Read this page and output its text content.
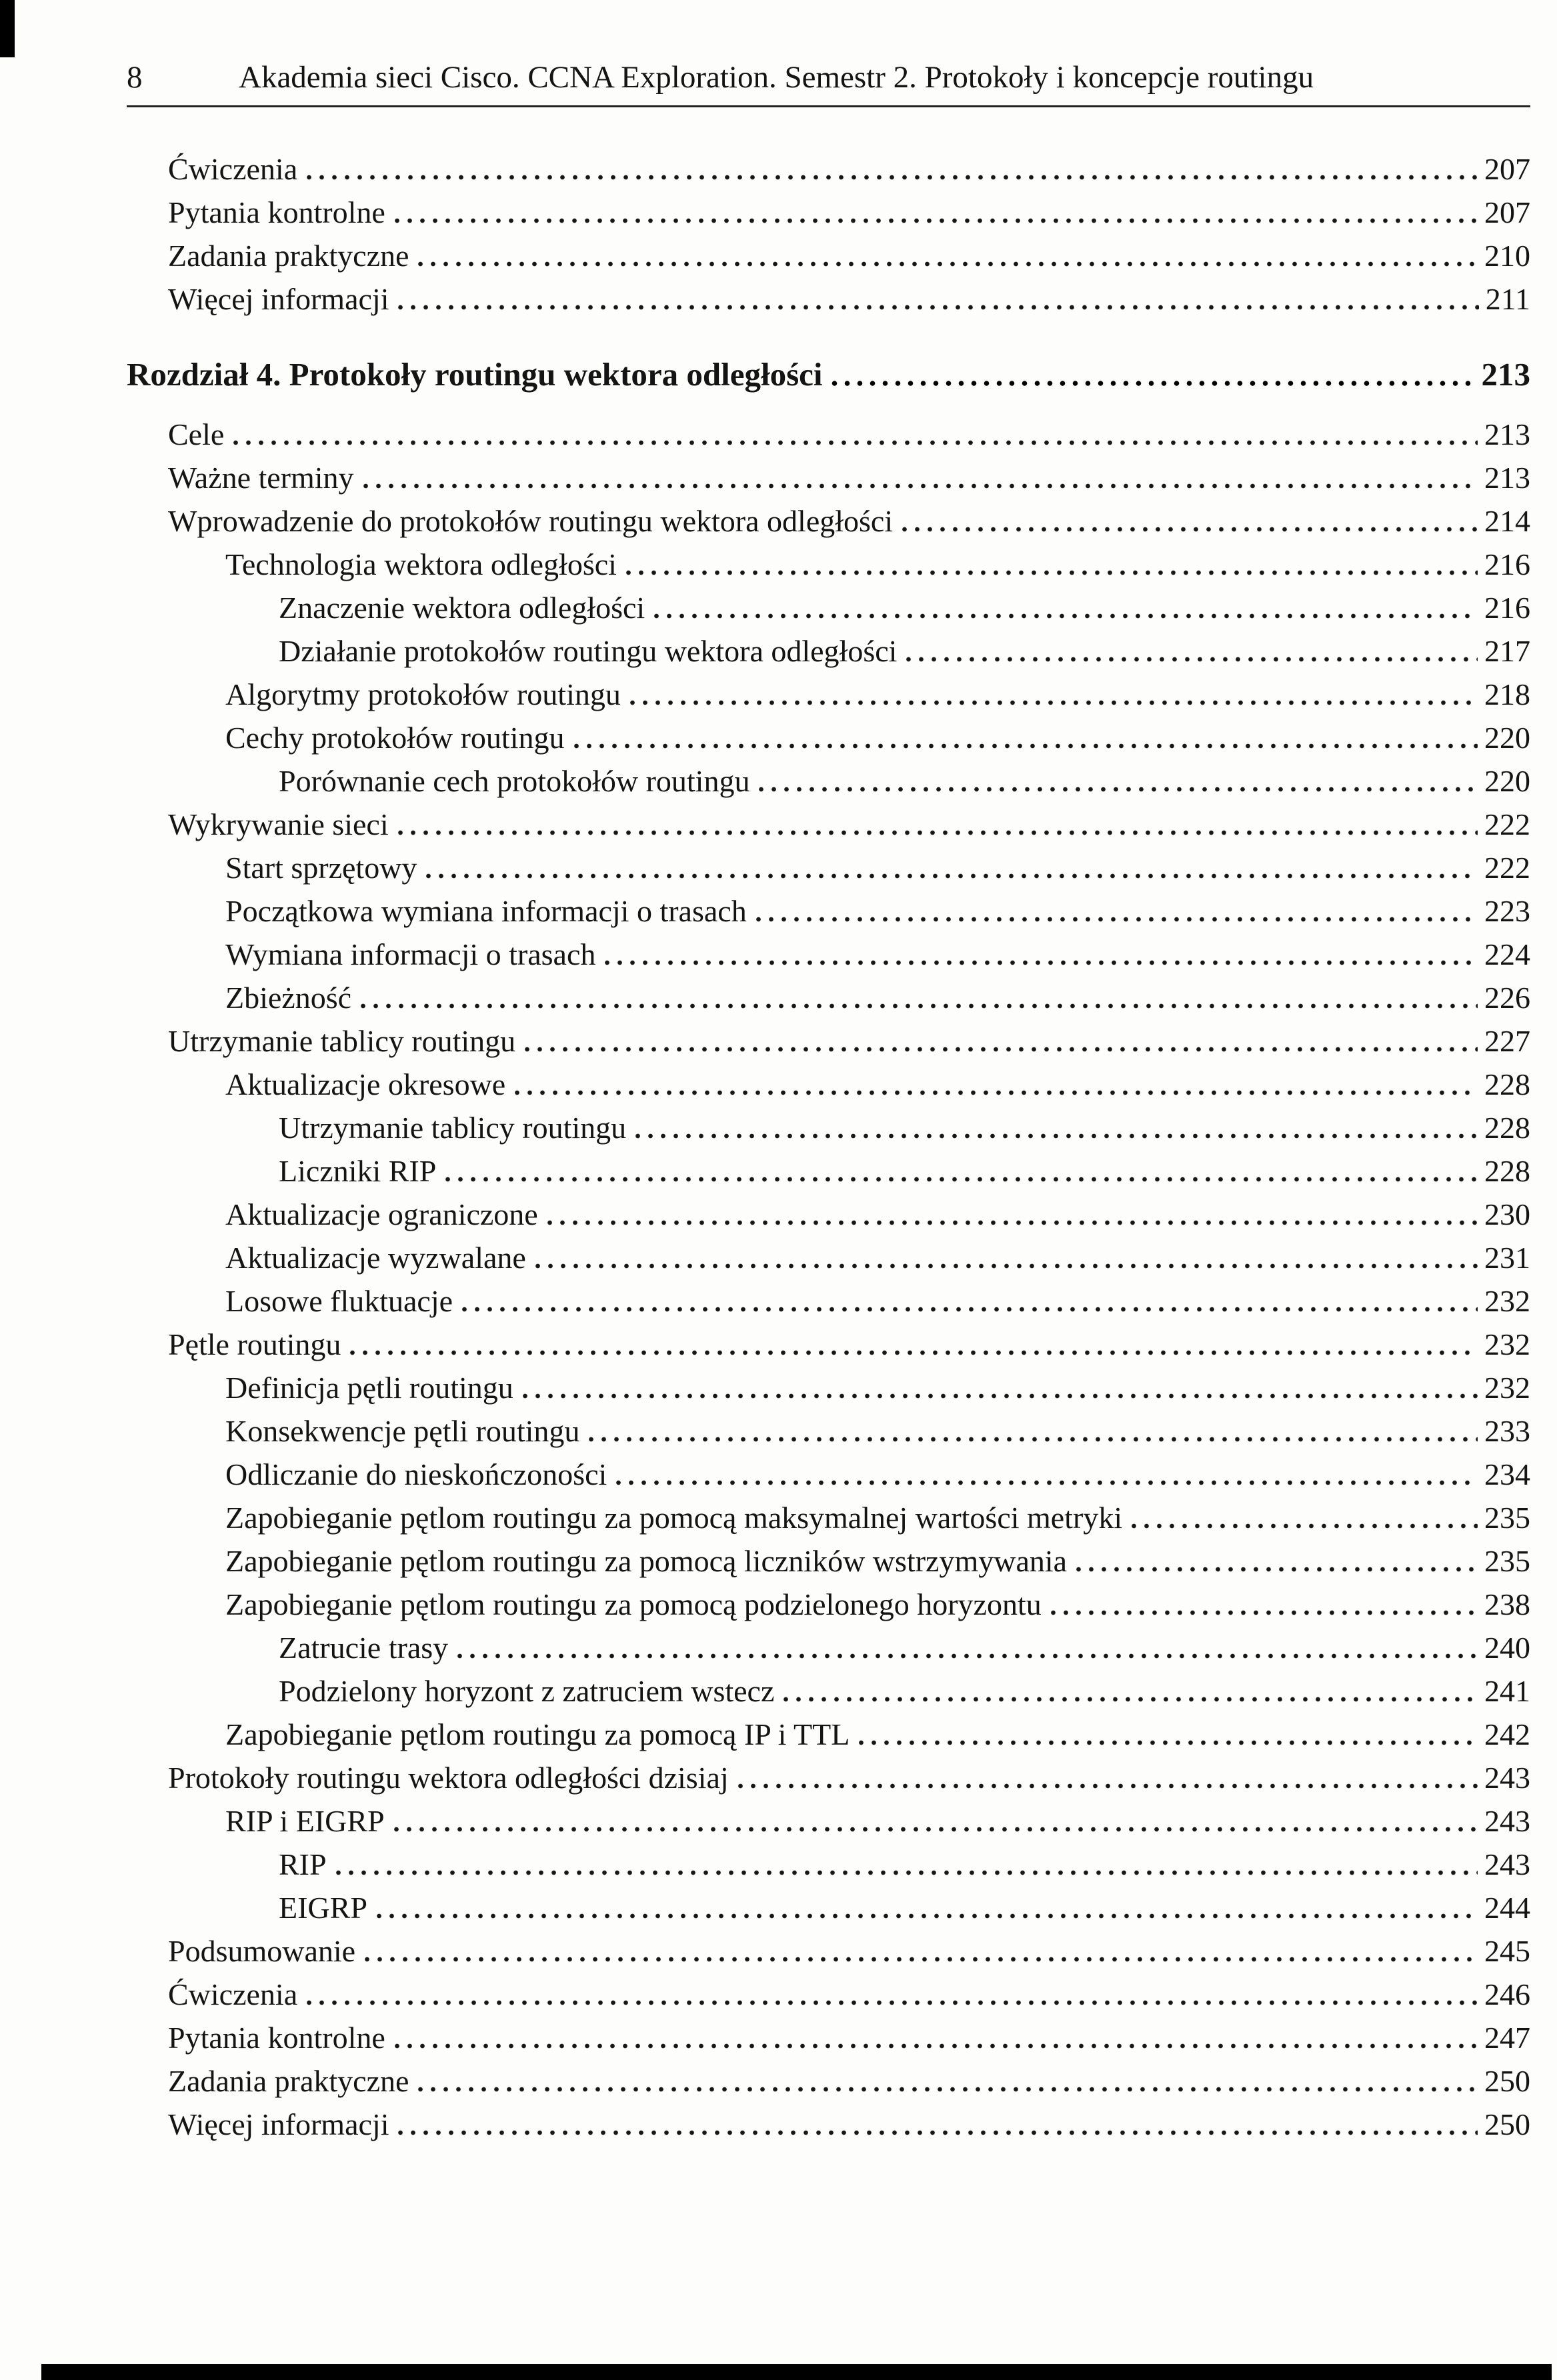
8	Akademia sieci Cisco. CCNA Exploration. Semestr 2. Protokoły i koncepcje routingu
Ćwiczenia	207
Pytania kontrolne	207
Zadania praktyczne	210
Więcej informacji	211
Rozdział 4. Protokoły routingu wektora odległości	213
Cele	213
Ważne terminy	213
Wprowadzenie do protokołów routingu wektora odległości	214
Technologia wektora odległości	216
Znaczenie wektora odległości	216
Działanie protokołów routingu wektora odległości	217
Algorytmy protokołów routingu	218
Cechy protokołów routingu	220
Porównanie cech protokołów routingu	220
Wykrywanie sieci	222
Start sprzętowy	222
Początkowa wymiana informacji o trasach	223
Wymiana informacji o trasach	224
Zbieżność	226
Utrzymanie tablicy routingu	227
Aktualizacje okresowe	228
Utrzymanie tablicy routingu	228
Liczniki RIP	228
Aktualizacje ograniczone	230
Aktualizacje wyzwalane	231
Losowe fluktuacje	232
Pętle routingu	232
Definicja pętli routingu	232
Konsekwencje pętli routingu	233
Odliczanie do nieskończoności	234
Zapobieganie pętlom routingu za pomocą maksymalnej wartości metryki	235
Zapobieganie pętlom routingu za pomocą liczników wstrzymywania	235
Zapobieganie pętlom routingu za pomocą podzielonego horyzontu	238
Zatrucie trasy	240
Podzielony horyzont z zatruciem wstecz	241
Zapobieganie pętlom routingu za pomocą IP i TTL	242
Protokoły routingu wektora odległości dzisiaj	243
RIP i EIGRP	243
RIP	243
EIGRP	244
Podsumowanie	245
Ćwiczenia	246
Pytania kontrolne	247
Zadania praktyczne	250
Więcej informacji	250
